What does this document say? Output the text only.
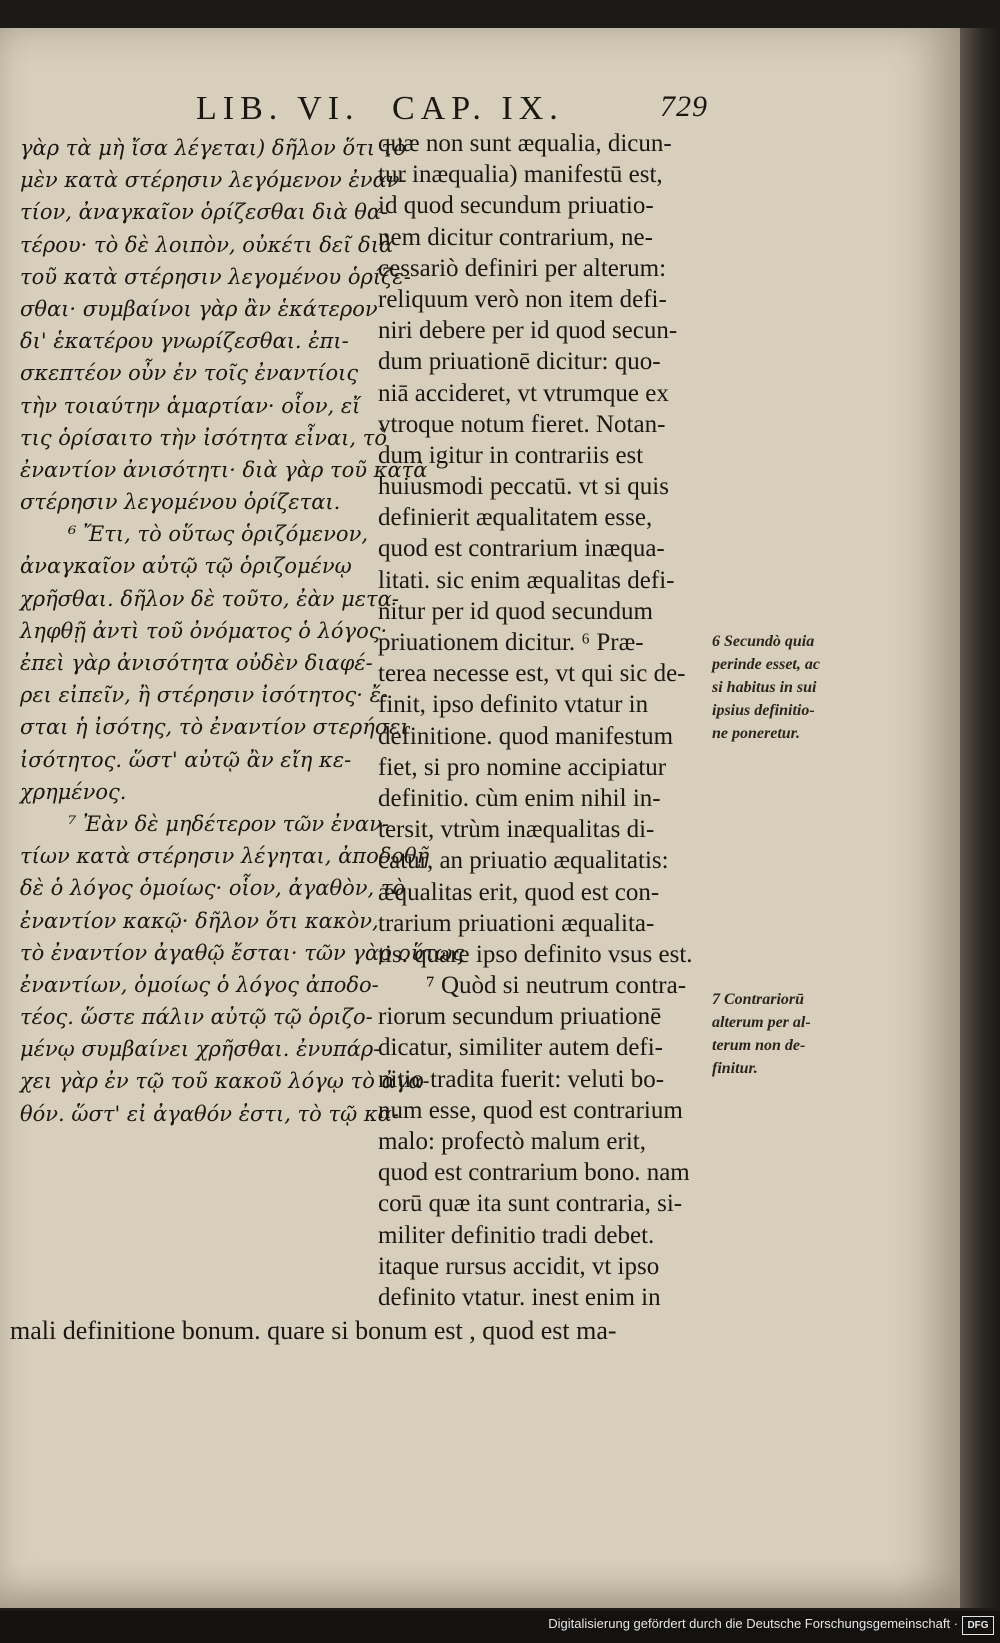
LIB. VI. CAP. IX.	729
γὰρ τὰ μὴ ἴσα λέγεται) δῆλον ὅτι τὸ
μὲν κατὰ στέρησιν λεγόμενον ἐναν-
τίον, ἀναγκαῖον ὁρίζεσθαι διὰ θα-
τέρου· τὸ δὲ λοιπὸν, οὐκέτι δεῖ διὰ
τοῦ κατὰ στέρησιν λεγομένου ὁρίζε-
σθαι· συμβαίνοι γὰρ ἂν ἑκάτερον
δι' ἑκατέρου γνωρίζεσθαι. ἐπι-
σκεπτέον οὖν ἐν τοῖς ἐναντίοις
τὴν τοιαύτην ἁμαρτίαν· οἷον, εἴ
τις ὁρίσαιτο τὴν ἰσότητα εἶναι, τὸ
ἐναντίον ἀνισότητι· διὰ γὰρ τοῦ κατὰ
στέρησιν λεγομένου ὁρίζεται.
⁶ Ἔτι, τὸ οὕτως ὁριζόμενον,
ἀναγκαῖον αὐτῷ τῷ ὁριζομένῳ
χρῆσθαι. δῆλον δὲ τοῦτο, ἐὰν μετα-
ληφθῇ ἀντὶ τοῦ ὀνόματος ὁ λόγος·
ἐπεὶ γὰρ ἀνισότητα οὐδὲν διαφέ-
ρει εἰπεῖν, ἢ στέρησιν ἰσότητος· ἔ-
σται ἡ ἰσότης, τὸ ἐναντίον στερήσει
ἰσότητος. ὥστ' αὐτῷ ἂν εἴη κε-
χρημένος.
⁷ Ἐὰν δὲ μηδέτερον τῶν ἐναν-
τίων κατὰ στέρησιν λέγηται, ἀποδοθῇ
δὲ ὁ λόγος ὁμοίως· οἷον, ἀγαθὸν, τὸ
ἐναντίον κακῷ· δῆλον ὅτι κακὸν,
τὸ ἐναντίον ἀγαθῷ ἔσται· τῶν γὰρ οὕτως
ἐναντίων, ὁμοίως ὁ λόγος ἀποδο-
τέος. ὥστε πάλιν αὐτῷ τῷ ὁριζο-
μένῳ συμβαίνει χρῆσθαι. ἐνυπάρ-
χει γὰρ ἐν τῷ τοῦ κακοῦ λόγῳ τὸ ἀγα-
θόν. ὥστ' εἰ ἀγαθόν ἐστι, τὸ τῷ κα-
quæ non sunt æqualia, dicun-
tur inæqualia) manifestū est,
id quod secundum priuatio-
nem dicitur contrarium, ne-
cessariò definiri per alterum:
reliquum verò non item defi-
niri debere per id quod secun-
dum priuationē dicitur: quo-
niā accideret, vt vtrumque ex
vtroque notum fieret. Notan-
dum igitur in contrariis est
huiusmodi peccatū. vt si quis
definierit æqualitatem esse,
quod est contrarium inæqua-
litati. sic enim æqualitas defi-
nitur per id quod secundum
priuationem dicitur. ⁶ Præ-
terea necesse est, vt qui sic de-
finit, ipso definito vtatur in
definitione. quod manifestum
fiet, si pro nomine accipiatur
definitio. cùm enim nihil in-
tersit, vtrùm inæqualitas di-
catur, an priuatio æqualitatis:
æqualitas erit, quod est con-
trarium priuationi æqualita-
tis. quare ipso definito vsus est.
⁷ Quòd si neutrum contra-
riorum secundum priuationē
dicatur, similiter autem defi-
nitio tradita fuerit: veluti bo-
num esse, quod est contrarium
malo: profectò malum erit,
quod est contrarium bono. nam
corū quæ ita sunt contraria, si-
militer definitio tradi debet.
itaque rursus accidit, vt ipso
definito vtatur. inest enim in
6 Secundò quia
perinde esset, ac
si habitus in sui
ipsius definitio-
ne poneretur.
7 Contrariorū
alterum per al-
terum non de-
finitur.
mali definitione bonum. quare si bonum est , quod est ma-
Digitalisierung gefördert durch die Deutsche Forschungsgemeinschaft · DFG
